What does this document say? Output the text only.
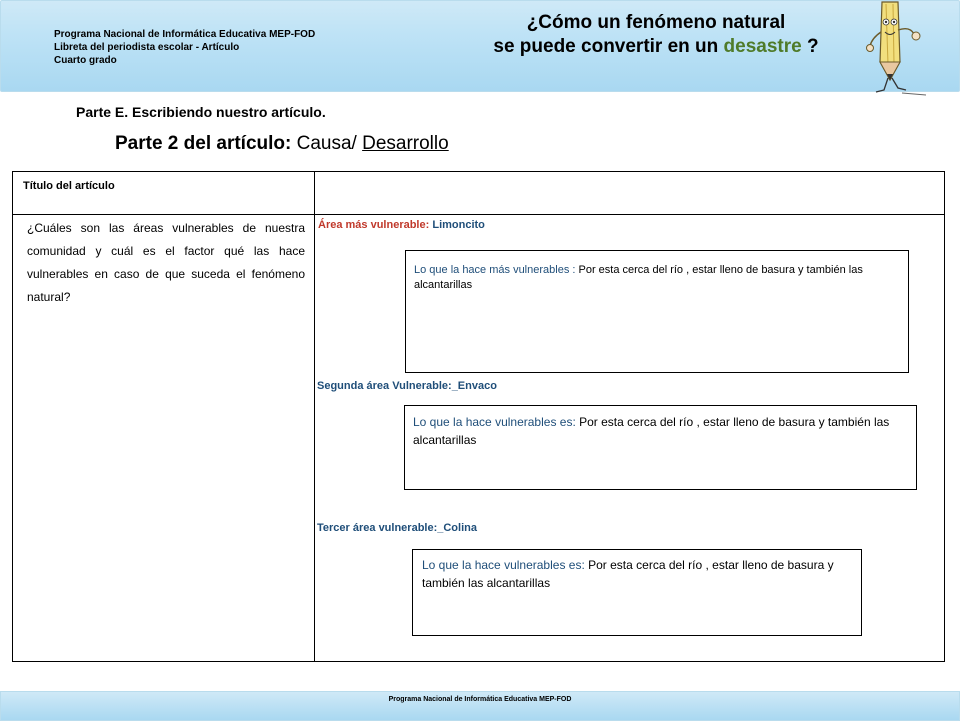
Programa Nacional de Informática Educativa MEP-FOD
Libreta del periodista escolar - Artículo
Cuarto grado
¿Cómo un fenómeno natural
se puede convertir en un desastre ?
Parte E. Escribiendo nuestro artículo.
Parte 2 del artículo: Causa/ Desarrollo
Título del artículo
¿Cuáles son las áreas vulnerables de nuestra comunidad y cuál es el factor qué las hace vulnerables en caso de que suceda el fenómeno natural?
Área más vulnerable: Limoncito
Lo que la hace más vulnerables : Por esta cerca del río , estar lleno de basura y también las alcantarillas
Segunda área Vulnerable:_Envaco
Lo que la hace vulnerables es: Por esta cerca del río , estar lleno de basura y también las alcantarillas
Tercer área vulnerable:_Colina
Lo que la hace vulnerables es: Por esta cerca del río , estar lleno de basura y también las alcantarillas
Programa Nacional de Informática Educativa MEP-FOD
